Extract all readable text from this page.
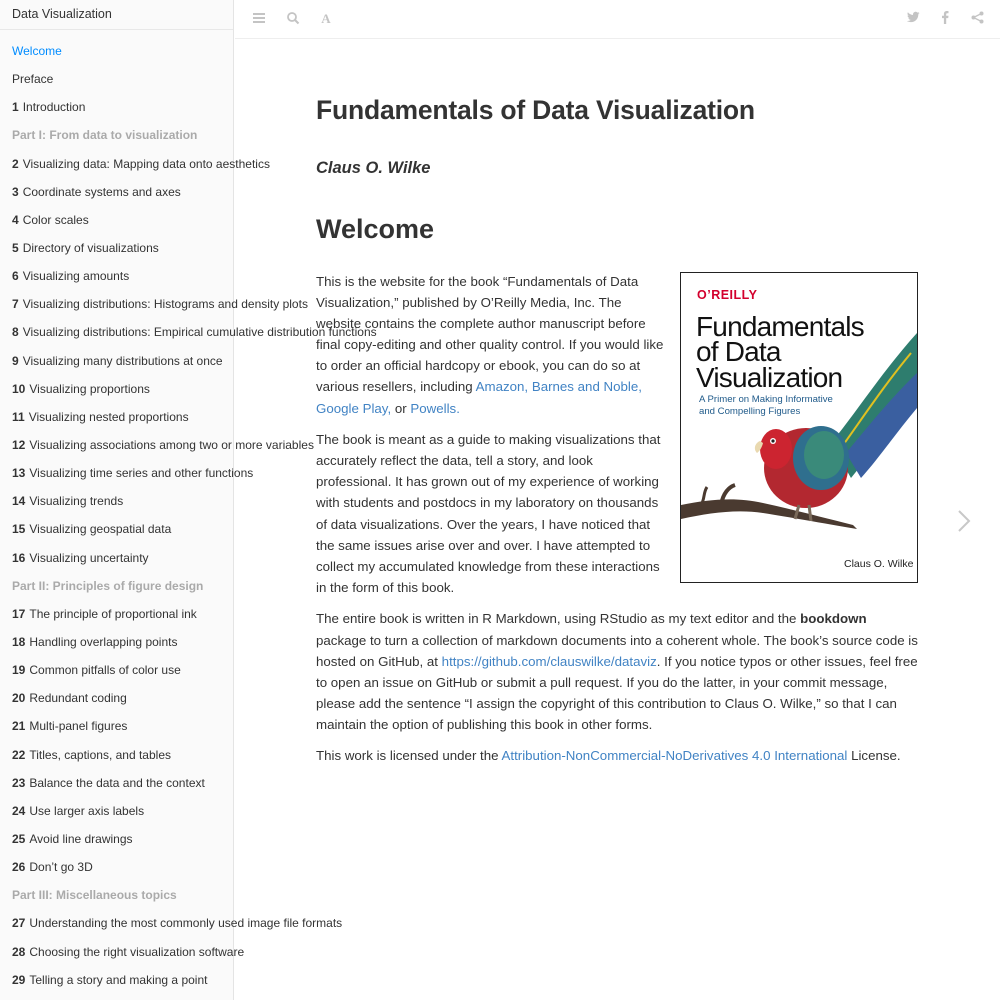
Data Visualization
Welcome
Preface
1 Introduction
Part I: From data to visualization
2 Visualizing data: Mapping data onto aesthetics
3 Coordinate systems and axes
4 Color scales
5 Directory of visualizations
6 Visualizing amounts
7 Visualizing distributions: Histograms and density plots
8 Visualizing distributions: Empirical cumulative distribution functions
9 Visualizing many distributions at once
10 Visualizing proportions
11 Visualizing nested proportions
12 Visualizing associations among two or more variables
13 Visualizing time series and other functions
14 Visualizing trends
15 Visualizing geospatial data
16 Visualizing uncertainty
Part II: Principles of figure design
17 The principle of proportional ink
18 Handling overlapping points
19 Common pitfalls of color use
20 Redundant coding
21 Multi-panel figures
22 Titles, captions, and tables
23 Balance the data and the context
24 Use larger axis labels
25 Avoid line drawings
26 Don’t go 3D
Part III: Miscellaneous topics
27 Understanding the most commonly used image file formats
28 Choosing the right visualization software
29 Telling a story and making a point
A
Fundamentals of Data Visualization
Claus O. Wilke
Welcome
O’REILLY
Fundamentals
of Data
Visualization
A Primer on Making Informative
and Compelling Figures
Claus O. Wilke

This is the website for the book “Fundamentals of Data Visualization,” published by O’Reilly Media, Inc. The website contains the complete author manuscript before final copy-editing and other quality control. If you would like to order an official hardcopy or ebook, you can do so at various resellers, including Amazon, Barnes and Noble, Google Play, or Powells.

The book is meant as a guide to making visualizations that accurately reflect the data, tell a story, and look professional. It has grown out of my experience of working with students and postdocs in my laboratory on thousands of data visualizations. Over the years, I have noticed that the same issues arise over and over. I have attempted to collect my accumulated knowledge from these interactions in the form of this book.

The entire book is written in R Markdown, using RStudio as my text editor and the bookdown package to turn a collection of markdown documents into a coherent whole. The book’s source code is hosted on GitHub, at https://github.com/clauswilke/dataviz. If you notice typos or other issues, feel free to open an issue on GitHub or submit a pull request. If you do the latter, in your commit message, please add the sentence “I assign the copyright of this contribution to Claus O. Wilke,” so that I can maintain the option of publishing this book in other forms.

This work is licensed under the Attribution-NonCommercial-NoDerivatives 4.0 International License.
